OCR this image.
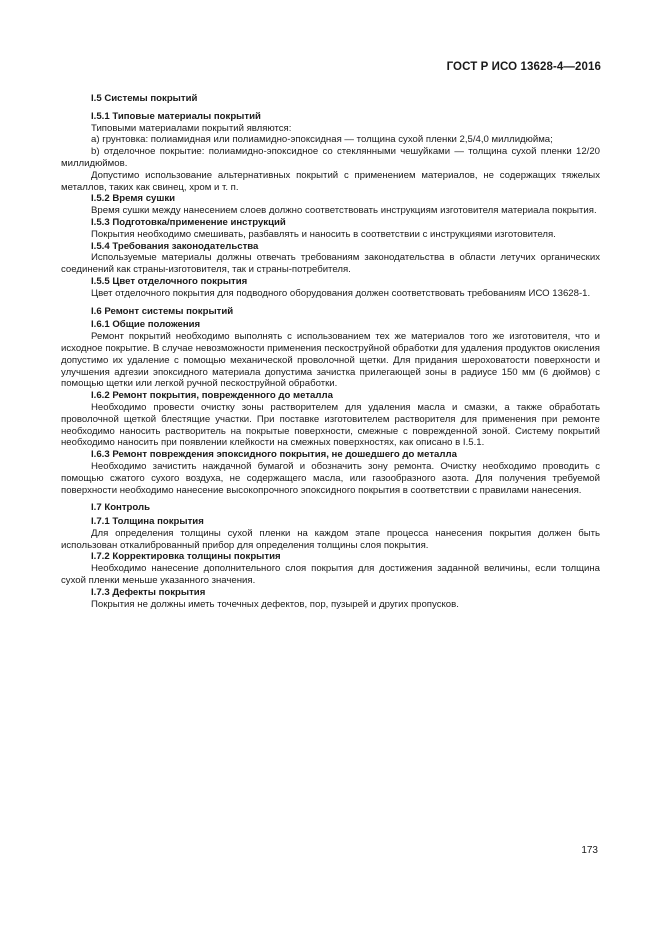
ГОСТ Р ИСО 13628-4—2016

I.5 Системы покрытий

I.5.1 Типовые материалы покрытий

Типовыми материалами покрытий являются:

а) грунтовка: полиамидная или полиамидно-эпоксидная — толщина сухой пленки 2,5/4,0 миллидюйма;

b) отделочное покрытие: полиамидно-эпоксидное со стеклянными чешуйками — толщина сухой пленки 12/20 миллидюймов.

Допустимо использование альтернативных покрытий с применением материалов, не содержащих тяжелых металлов, таких как свинец, хром и т. п.

I.5.2 Время сушки

Время сушки между нанесением слоев должно соответствовать инструкциям изготовителя материала покрытия.

I.5.3 Подготовка/применение инструкций

Покрытия необходимо смешивать, разбавлять и наносить в соответствии с инструкциями изготовителя.

I.5.4 Требования законодательства

Используемые материалы должны отвечать требованиям законодательства в области летучих органических соединений как страны-изготовителя, так и страны-потребителя.

I.5.5 Цвет отделочного покрытия

Цвет отделочного покрытия для подводного оборудования должен соответствовать требованиям ИСО 13628-1.

I.6 Ремонт системы покрытий

I.6.1 Общие положения

Ремонт покрытий необходимо выполнять с использованием тех же материалов того же изготовителя, что и исходное покрытие. В случае невозможности применения пескоструйной обработки для удаления продуктов окисления допустимо их удаление с помощью механической проволочной щетки. Для придания шероховатости поверхности и улучшения адгезии эпоксидного материала допустима зачистка прилегающей зоны в радиусе 150 мм (6 дюймов) с помощью щетки или легкой ручной пескоструйной обработки.

I.6.2 Ремонт покрытия, поврежденного до металла

Необходимо провести очистку зоны растворителем для удаления масла и смазки, а также обработать проволочной щеткой блестящие участки. При поставке изготовителем растворителя для применения при ремонте необходимо наносить растворитель на покрытые поверхности, смежные с поврежденной зоной. Систему покрытий необходимо наносить при появлении клейкости на смежных поверхностях, как описано в I.5.1.

I.6.3 Ремонт повреждения эпоксидного покрытия, не дошедшего до металла

Необходимо зачистить наждачной бумагой и обозначить зону ремонта. Очистку необходимо проводить с помощью сжатого сухого воздуха, не содержащего масла, или газообразного азота. Для получения требуемой поверхности необходимо нанесение высокопрочного эпоксидного покрытия в соответствии с правилами нанесения.

I.7 Контроль

I.7.1 Толщина покрытия

Для определения толщины сухой пленки на каждом этапе процесса нанесения покрытия должен быть использован откалиброванный прибор для определения толщины слоя покрытия.

I.7.2 Корректировка толщины покрытия

Необходимо нанесение дополнительного слоя покрытия для достижения заданной величины, если толщина сухой пленки меньше указанного значения.

I.7.3 Дефекты покрытия

Покрытия не должны иметь точечных дефектов, пор, пузырей и других пропусков.

173
